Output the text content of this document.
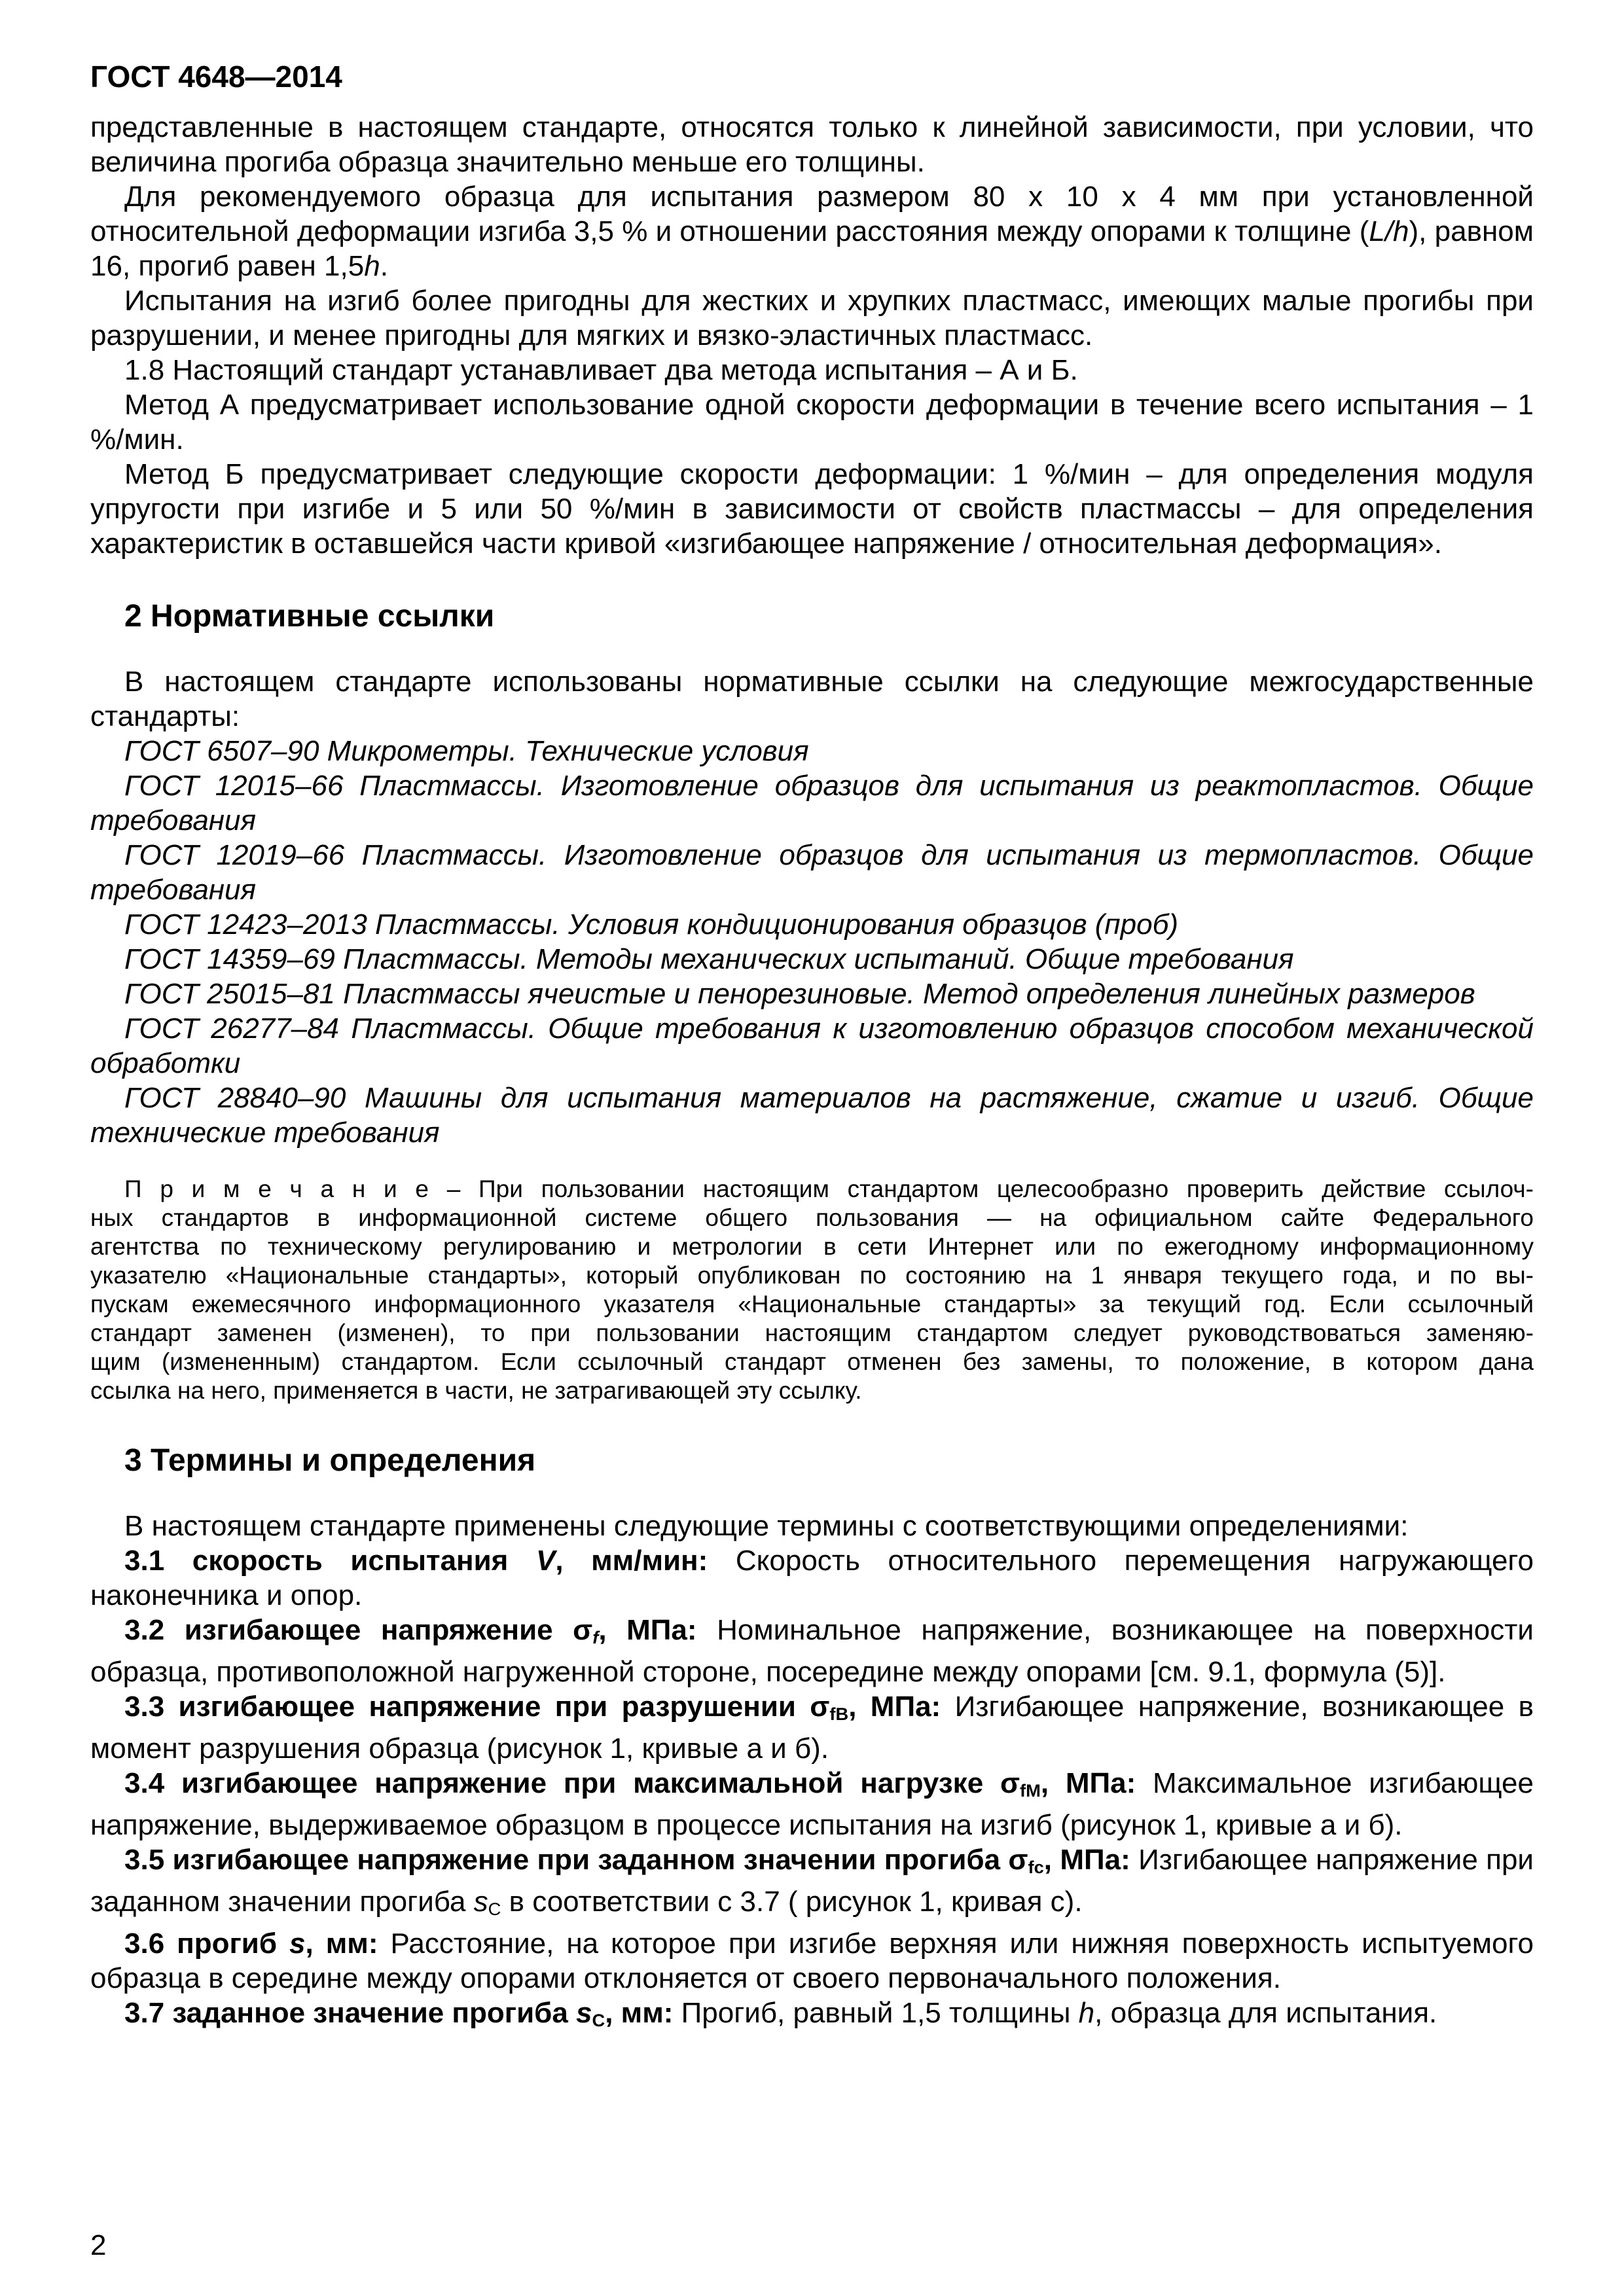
ГОСТ 4648—2014
представленные в настоящем стандарте, относятся только к линейной зависимости, при условии, что величина прогиба образца значительно меньше его толщины.
Для рекомендуемого образца для испытания размером 80 х 10 х 4 мм при установленной относительной деформации изгиба 3,5 % и отношении расстояния между опорами к толщине (L/h), равном 16, прогиб равен 1,5h.
Испытания на изгиб более пригодны для жестких и хрупких пластмасс, имеющих малые прогибы при разрушении, и менее пригодны для мягких и вязко-эластичных пластмасс.
1.8 Настоящий стандарт устанавливает два метода испытания – А и Б.
Метод А предусматривает использование одной скорости деформации в течение всего испытания – 1 %/мин.
Метод Б предусматривает следующие скорости деформации: 1 %/мин – для определения модуля упругости при изгибе и 5 или 50 %/мин в зависимости от свойств пластмассы – для определения характеристик в оставшейся части кривой «изгибающее напряжение / относительная деформация».
2 Нормативные ссылки
В настоящем стандарте использованы нормативные ссылки на следующие межгосударственные стандарты:
ГОСТ 6507–90 Микрометры. Технические условия
ГОСТ 12015–66 Пластмассы. Изготовление образцов для испытания из реактопластов. Общие требования
ГОСТ 12019–66 Пластмассы. Изготовление образцов для испытания из термопластов. Общие требования
ГОСТ 12423–2013 Пластмассы. Условия кондиционирования образцов (проб)
ГОСТ 14359–69 Пластмассы. Методы механических испытаний. Общие требования
ГОСТ 25015–81 Пластмассы ячеистые и пенорезиновые. Метод определения линейных размеров
ГОСТ 26277–84 Пластмассы. Общие требования к изготовлению образцов способом механической обработки
ГОСТ 28840–90 Машины для испытания материалов на растяжение, сжатие и изгиб. Общие технические требования
П р и м е ч а н и е – При пользовании настоящим стандартом целесообразно проверить действие ссылоч-
ных стандартов в информационной системе общего пользования — на официальном сайте Федерального
агентства по техническому регулированию и метрологии в сети Интернет или по ежегодному информационному
указателю «Национальные стандарты», который опубликован по состоянию на 1 января текущего года, и по вы-
пускам ежемесячного информационного указателя «Национальные стандарты» за текущий год. Если ссылочный
стандарт заменен (изменен), то при пользовании настоящим стандартом следует руководствоваться заменяю-
щим (измененным) стандартом. Если ссылочный стандарт отменен без замены, то положение, в котором дана
ссылка на него, применяется в части, не затрагивающей эту ссылку.
3 Термины и определения
В настоящем стандарте применены следующие термины с соответствующими определениями:
3.1 скорость испытания V, мм/мин: Скорость относительного перемещения нагружающего наконечника и опор.
3.2 изгибающее напряжение $\sigma_f$, МПа: Номинальное напряжение, возникающее на поверхности образца, противоположной нагруженной стороне, посередине между опорами [см. 9.1, формула (5)].
3.3 изгибающее напряжение при разрушении $\sigma_{fB}$, МПа: Изгибающее напряжение, возникающее в момент разрушения образца (рисунок 1, кривые а и б).
3.4 изгибающее напряжение при максимальной нагрузке $\sigma_{fM}$, МПа: Максимальное изгибающее напряжение, выдерживаемое образцом в процессе испытания на изгиб (рисунок 1, кривые а и б).
3.5 изгибающее напряжение при заданном значении прогиба $\sigma_{fc}$, МПа: Изгибающее напряжение при заданном значении прогиба $s_C$ в соответствии с 3.7 ( рисунок 1, кривая с).
3.6 прогиб s, мм: Расстояние, на которое при изгибе верхняя или нижняя поверхность испытуемого образца в середине между опорами отклоняется от своего первоначального положения.
3.7 заданное значение прогиба $s_C$, мм: Прогиб, равный 1,5 толщины h, образца для испытания.
2
